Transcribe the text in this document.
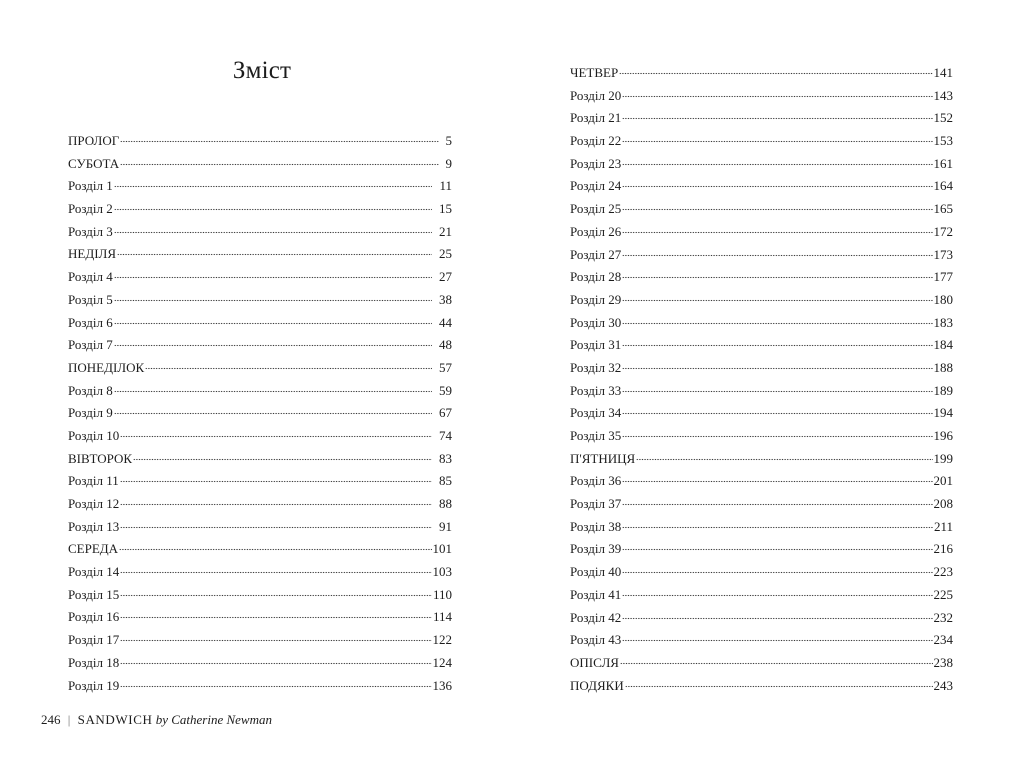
Зміст
ПРОЛОГ	5
СУБОТА	9
Розділ 1	11
Розділ 2	15
Розділ 3	21
НЕДІЛЯ	25
Розділ 4	27
Розділ 5	38
Розділ 6	44
Розділ 7	48
ПОНЕДІЛОК	57
Розділ 8	59
Розділ 9	67
Розділ 10	74
ВІВТОРОК	83
Розділ 11	85
Розділ 12	88
Розділ 13	91
СЕРЕДА	101
Розділ 14	103
Розділ 15	110
Розділ 16	114
Розділ 17	122
Розділ 18	124
Розділ 19	136
ЧЕТВЕР	141
Розділ 20	143
Розділ 21	152
Розділ 22	153
Розділ 23	161
Розділ 24	164
Розділ 25	165
Розділ 26	172
Розділ 27	173
Розділ 28	177
Розділ 29	180
Розділ 30	183
Розділ 31	184
Розділ 32	188
Розділ 33	189
Розділ 34	194
Розділ 35	196
П'ЯТНИЦЯ	199
Розділ 36	201
Розділ 37	208
Розділ 38	211
Розділ 39	216
Розділ 40	223
Розділ 41	225
Розділ 42	232
Розділ 43	234
ОПІСЛЯ	238
ПОДЯКИ	243
246 | SANDWICH by Catherine Newman
